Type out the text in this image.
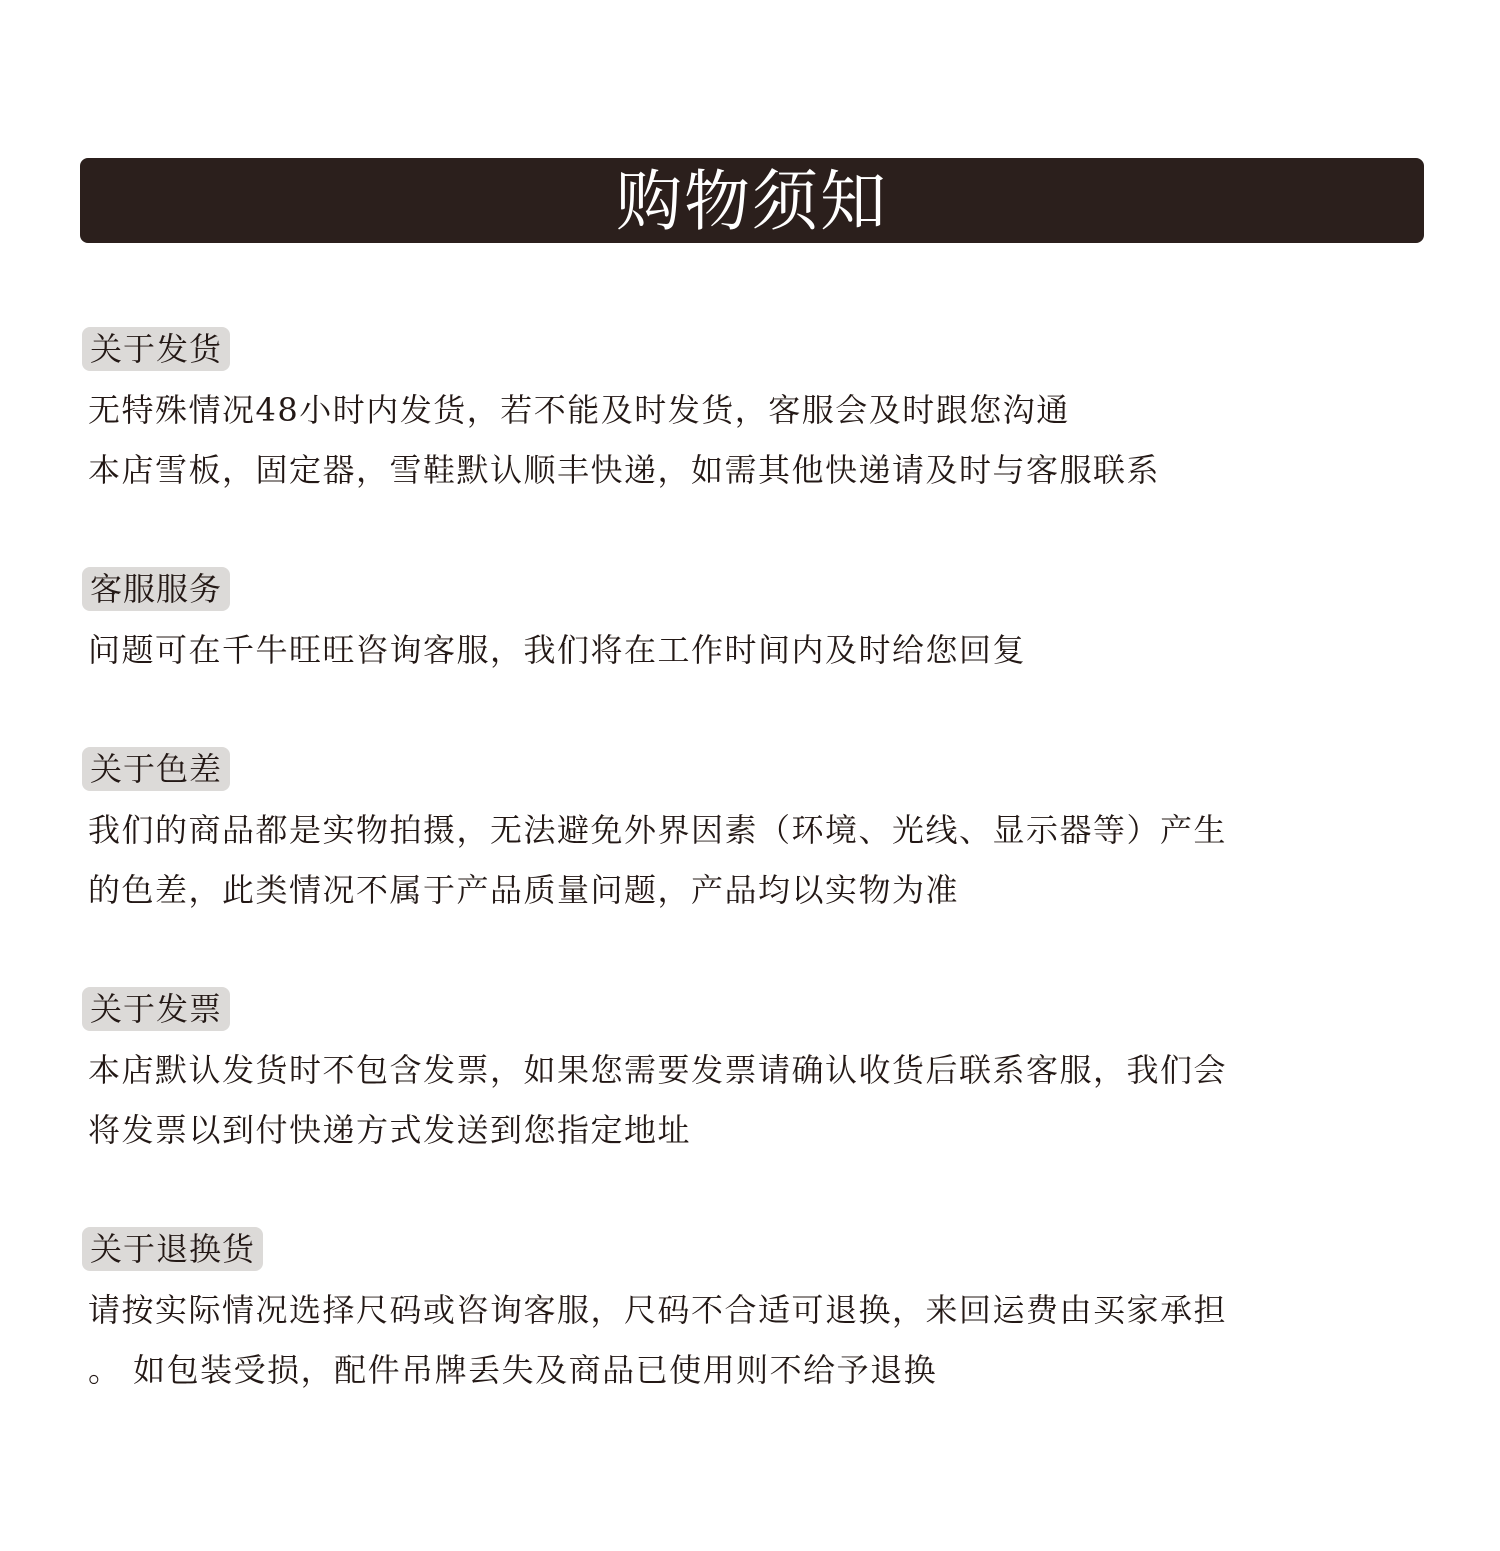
购物须知
关于发货
无特殊情况48小时内发货，若不能及时发货，客服会及时跟您沟通
本店雪板，固定器，雪鞋默认顺丰快递，如需其他快递请及时与客服联系
客服服务
问题可在千牛旺旺咨询客服，我们将在工作时间内及时给您回复
关于色差
我们的商品都是实物拍摄，无法避免外界因素（环境、光线、显示器等）产生
的色差，此类情况不属于产品质量问题，产品均以实物为准
关于发票
本店默认发货时不包含发票，如果您需要发票请确认收货后联系客服，我们会
将发票以到付快递方式发送到您指定地址
关于退换货
请按实际情况选择尺码或咨询客服，尺码不合适可退换，来回运费由买家承担
。 如包装受损，配件吊牌丢失及商品已使用则不给予退换
